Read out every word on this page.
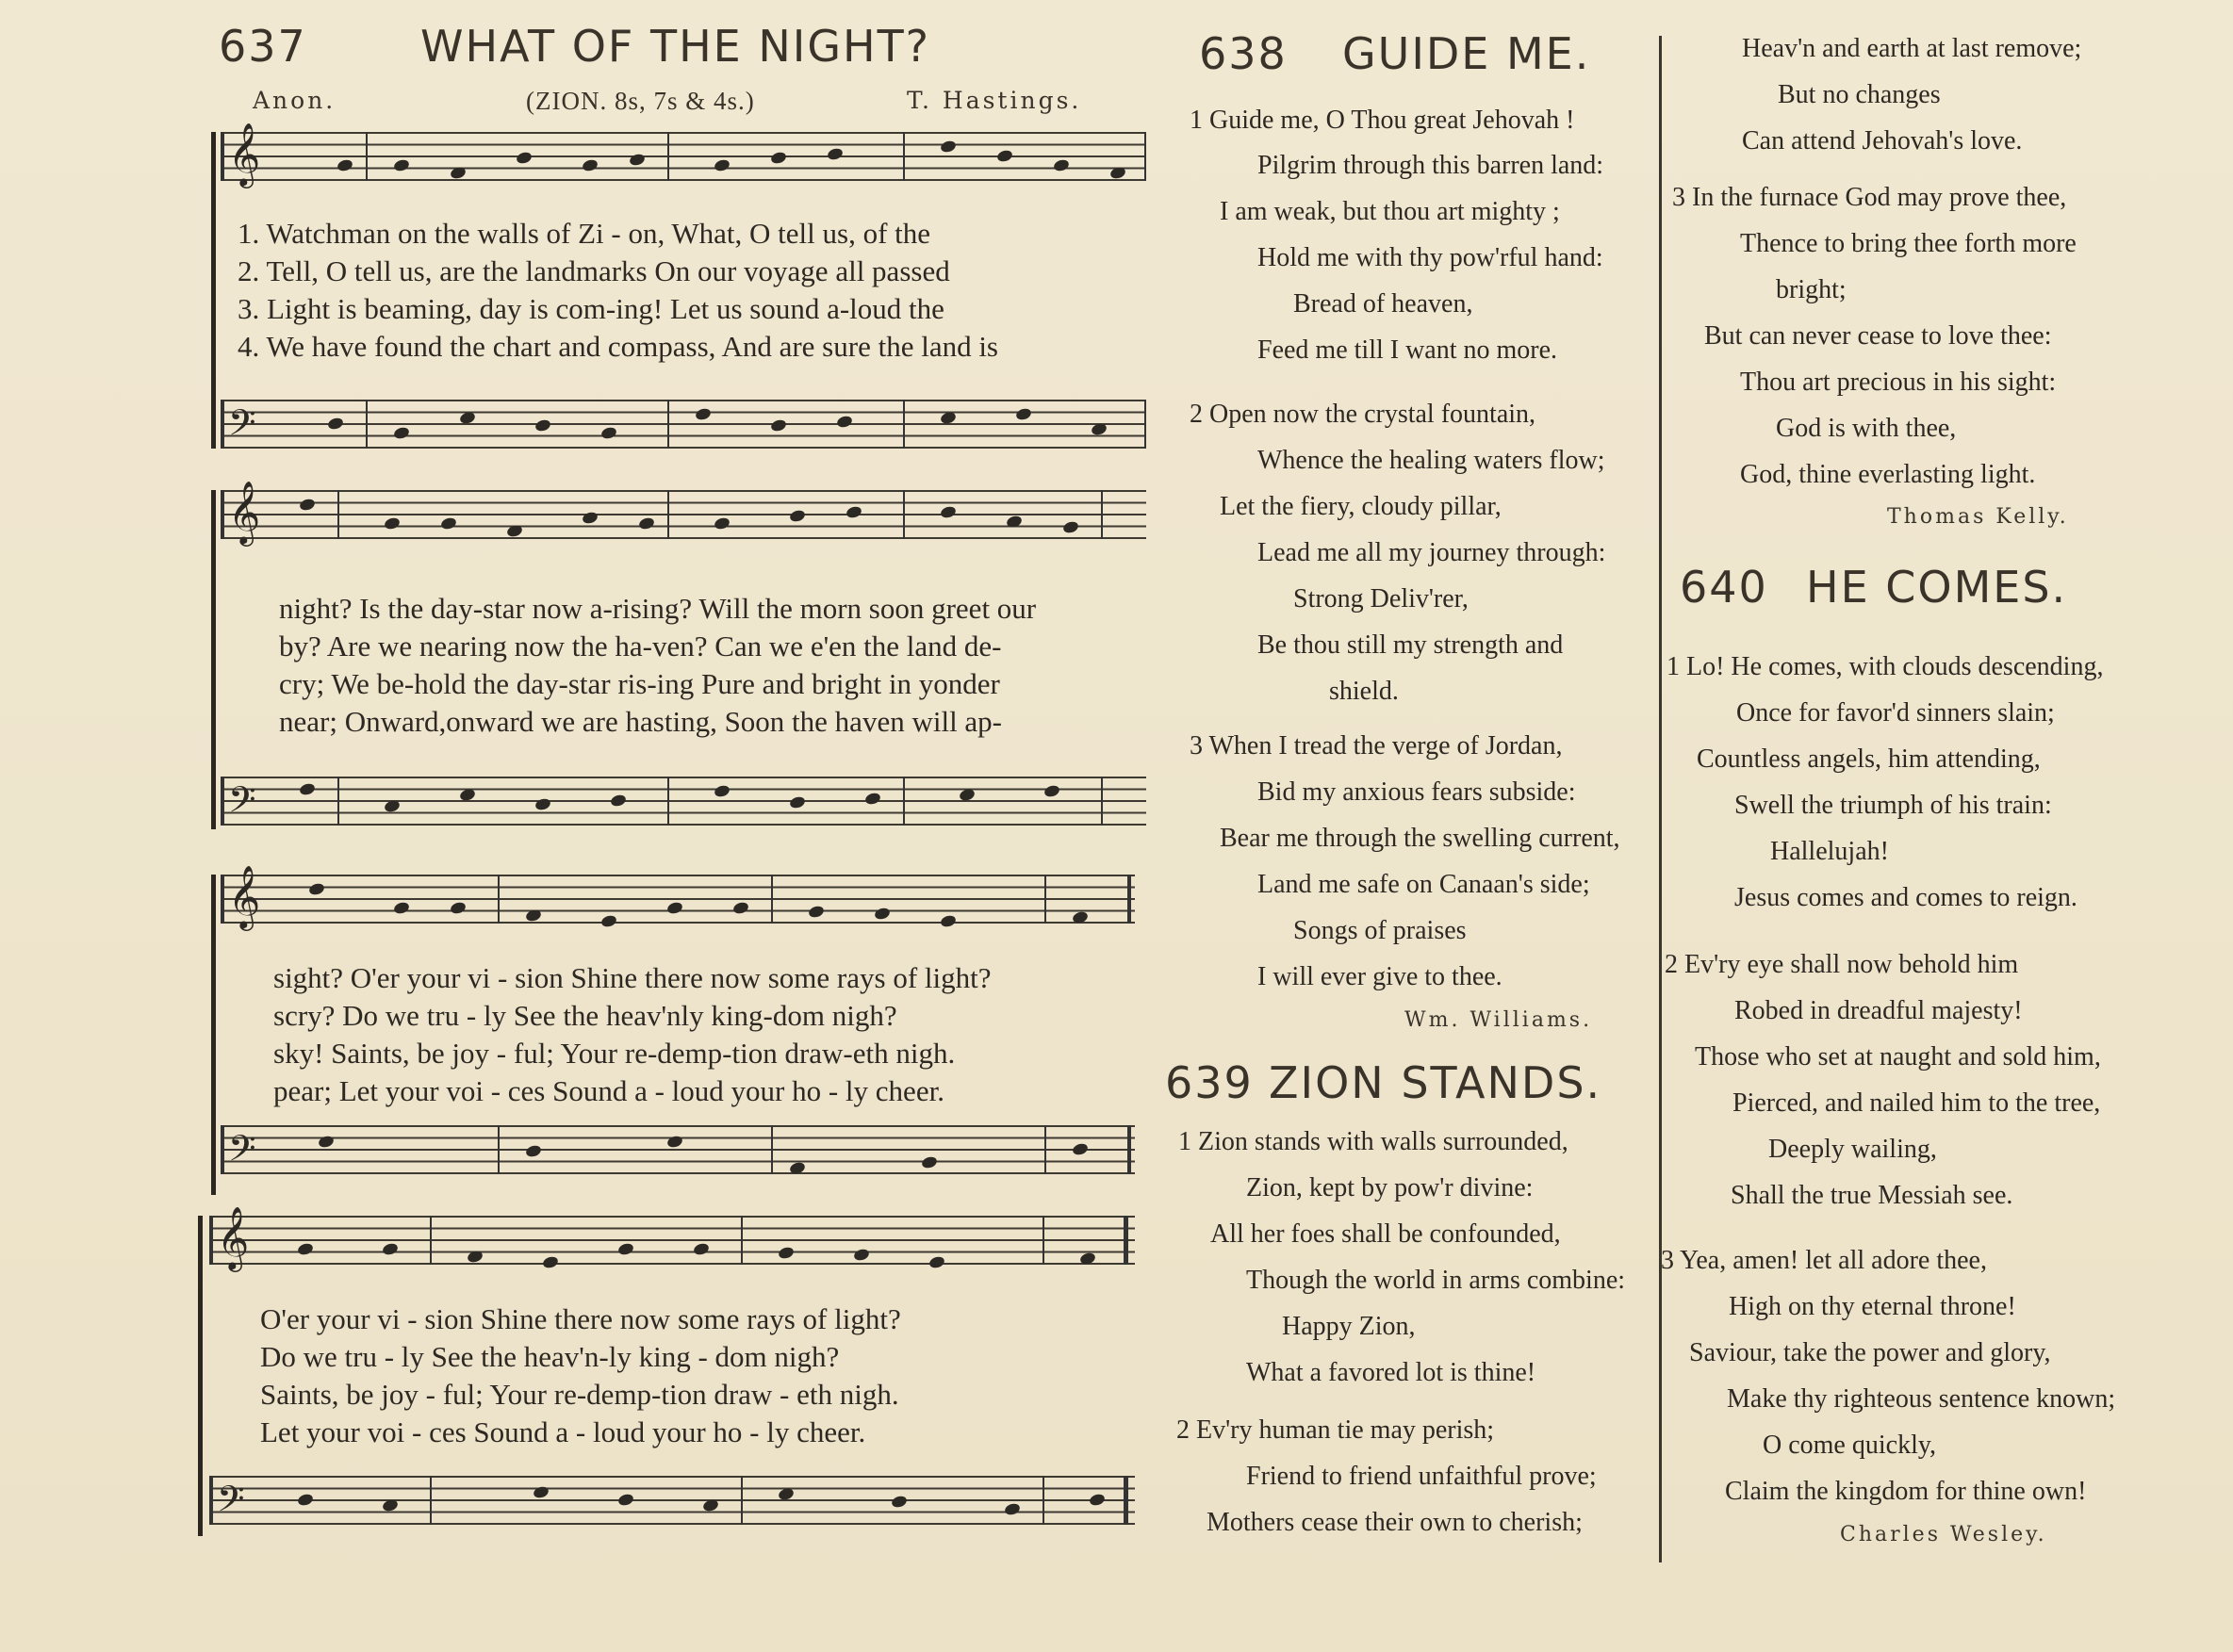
637	WHAT OF THE NIGHT?
Anon.	(ZION. 8s, 7s & 4s.)	T. Hastings.
𝄞
1. Watchman on the walls of Zi - on, What, O tell us, of the
2. Tell, O tell us, are the landmarks On our voyage all passed
3. Light is beaming, day is com-ing! Let us sound a-loud the
4. We have found the chart and compass, And are sure the land is
𝄢
𝄞
night? Is the day-star now a-rising? Will the morn soon greet our
by? Are we nearing now the ha-ven? Can we e'en the land de-
cry; We be-hold the day-star ris-ing Pure and bright in yonder
near; Onward,onward we are hasting, Soon the haven will ap-
𝄢
𝄞
sight? O'er your vi - sion Shine there now some rays of light?
scry? Do we tru - ly See the heav'nly king-dom nigh?
sky! Saints, be joy - ful; Your re-demp-tion draw-eth nigh.
pear; Let your voi - ces Sound a - loud your ho - ly cheer.
𝄢
𝄞
O'er your vi - sion Shine there now some rays of light?
Do we tru - ly See the heav'n-ly king - dom nigh?
Saints, be joy - ful; Your re-demp-tion draw - eth nigh.
Let your voi - ces Sound a - loud your ho - ly cheer.
𝄢
638 GUIDE ME.
1 Guide me, O Thou great Jehovah !
Pilgrim through this barren land:
I am weak, but thou art mighty ;
Hold me with thy pow'rful hand:
Bread of heaven,
Feed me till I want no more.
2 Open now the crystal fountain,
Whence the healing waters flow;
Let the fiery, cloudy pillar,
Lead me all my journey through:
Strong Deliv'rer,
Be thou still my strength and
shield.
3 When I tread the verge of Jordan,
Bid my anxious fears subside:
Bear me through the swelling current,
Land me safe on Canaan's side;
Songs of praises
I will ever give to thee.
Wm. Williams.
639 ZION STANDS.
1 Zion stands with walls surrounded,
Zion, kept by pow'r divine:
All her foes shall be confounded,
Though the world in arms combine:
Happy Zion,
What a favored lot is thine!
2 Ev'ry human tie may perish;
Friend to friend unfaithful prove;
Mothers cease their own to cherish;
Heav'n and earth at last remove;
But no changes
Can attend Jehovah's love.
3 In the furnace God may prove thee,
Thence to bring thee forth more
bright;
But can never cease to love thee:
Thou art precious in his sight:
God is with thee,
God, thine everlasting light.
Thomas Kelly.
640 HE COMES.
1 Lo! He comes, with clouds descending,
Once for favor'd sinners slain;
Countless angels, him attending,
Swell the triumph of his train:
Hallelujah!
Jesus comes and comes to reign.
2 Ev'ry eye shall now behold him
Robed in dreadful majesty!
Those who set at naught and sold him,
Pierced, and nailed him to the tree,
Deeply wailing,
Shall the true Messiah see.
3 Yea, amen! let all adore thee,
High on thy eternal throne!
Saviour, take the power and glory,
Make thy righteous sentence known;
O come quickly,
Claim the kingdom for thine own!
Charles Wesley.
